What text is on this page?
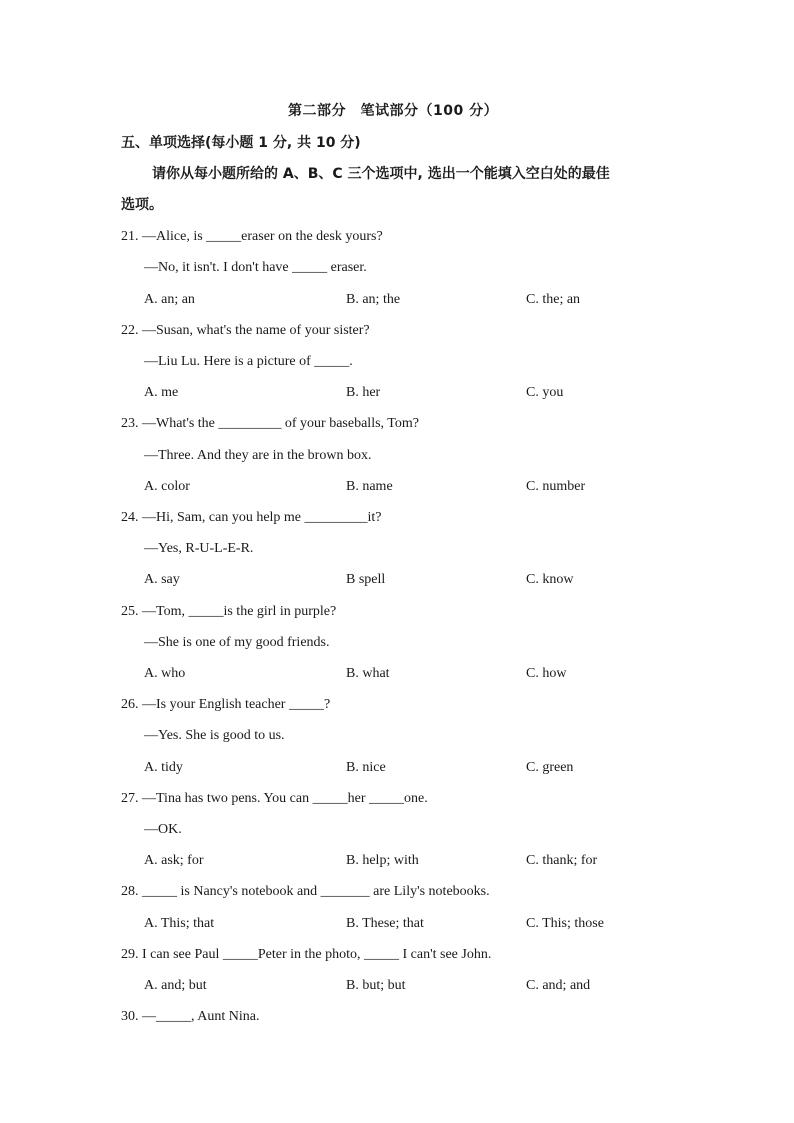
第二部分　笔试部分（100 分）
五、单项选择(每小题 1 分, 共 10 分)
请你从每小题所给的 A、B、C 三个选项中, 选出一个能填入空白处的最佳
选项。
21. —Alice, is _____eraser on the desk yours?
—No, it isn't. I don't have _____ eraser.
A. an; an	B. an; the	C. the; an
22. —Susan, what's the name of your sister?
—Liu Lu. Here is a picture of _____.
A. me	B. her	C. you
23. —What's the _________ of your baseballs, Tom?
—Three. And they are in the brown box.
A. color	B. name	C. number
24. —Hi, Sam, can you help me _________it?
—Yes, R-U-L-E-R.
A. say	B spell	C. know
25. —Tom, _____is the girl in purple?
—She is one of my good friends.
A. who	B. what	C. how
26. —Is your English teacher _____?
—Yes. She is good to us.
A. tidy	B. nice	C. green
27. —Tina has two pens. You can _____her _____one.
—OK.
A. ask; for	B. help; with	C. thank; for
28. _____ is Nancy's notebook and _______ are Lily's notebooks.
A. This; that	B. These; that	C. This; those
29. I can see Paul _____Peter in the photo, _____ I can't see John.
A. and; but	B. but; but	C. and; and
30. —_____, Aunt Nina.
